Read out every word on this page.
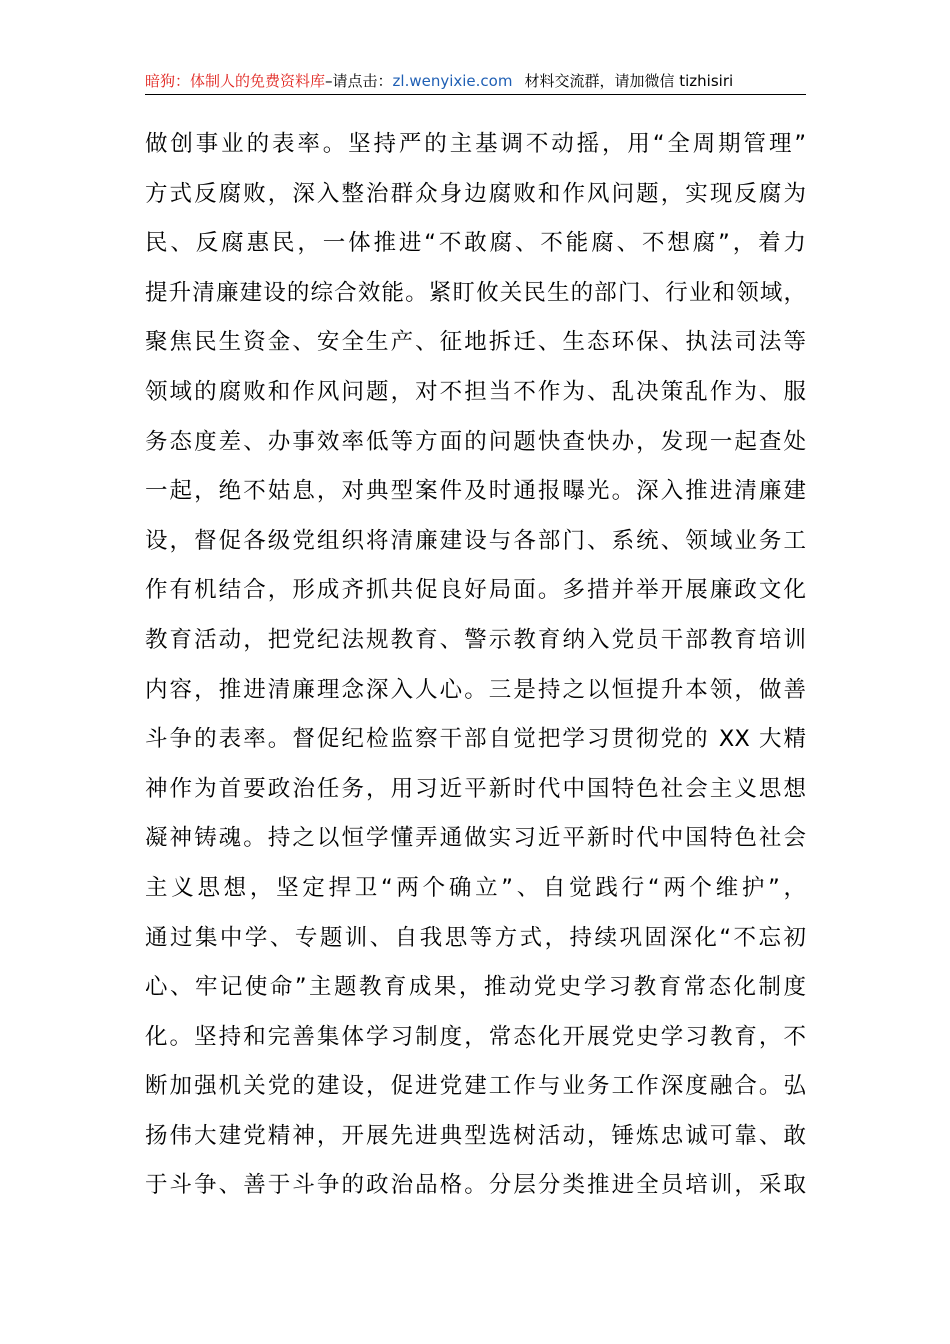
暗狗：体制人的免费资料库–请点击：zl.wenyixie.com 材料交流群，请加微信 tizhisiri
做创事业的表率。坚持严的主基调不动摇，用“全周期管理”
方式反腐败，深入整治群众身边腐败和作风问题，实现反腐为
民、反腐惠民，一体推进“不敢腐、不能腐、不想腐”，着力
提升清廉建设的综合效能。紧盯攸关民生的部门、行业和领域，
聚焦民生资金、安全生产、征地拆迁、生态环保、执法司法等
领域的腐败和作风问题，对不担当不作为、乱决策乱作为、服
务态度差、办事效率低等方面的问题快查快办，发现一起查处
一起，绝不姑息，对典型案件及时通报曝光。深入推进清廉建
设，督促各级党组织将清廉建设与各部门、系统、领域业务工
作有机结合，形成齐抓共促良好局面。多措并举开展廉政文化
教育活动，把党纪法规教育、警示教育纳入党员干部教育培训
内容，推进清廉理念深入人心。三是持之以恒提升本领，做善
斗争的表率。督促纪检监察干部自觉把学习贯彻党的 XX 大精
神作为首要政治任务，用习近平新时代中国特色社会主义思想
凝神铸魂。持之以恒学懂弄通做实习近平新时代中国特色社会
主义思想，坚定捍卫“两个确立”、自觉践行“两个维护”，
通过集中学、专题训、自我思等方式，持续巩固深化“不忘初
心、牢记使命”主题教育成果，推动党史学习教育常态化制度
化。坚持和完善集体学习制度，常态化开展党史学习教育，不
断加强机关党的建设，促进党建工作与业务工作深度融合。弘
扬伟大建党精神，开展先进典型选树活动，锤炼忠诚可靠、敢
于斗争、善于斗争的政治品格。分层分类推进全员培训，采取
